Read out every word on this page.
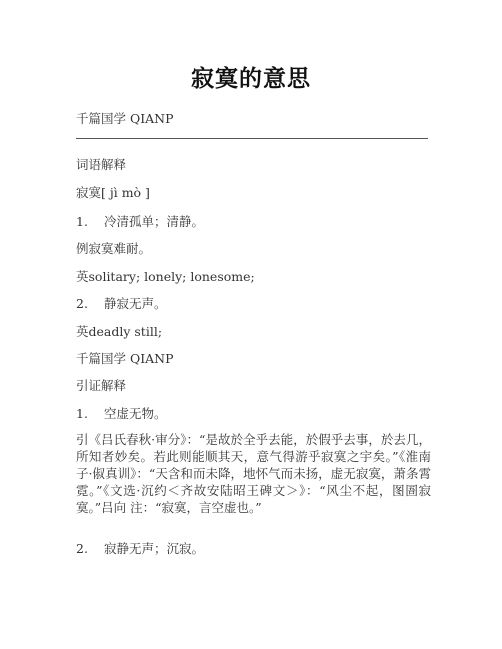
寂寞的意思
千篇国学 QIANP
词语解释
寂寞[ jì mò ]
1. 冷清孤单；清静。
例寂寞难耐。
英solitary; lonely; lonesome;
2. 静寂无声。
英deadly still;
千篇国学 QIANP
引证解释
1. 空虚无物。
引《吕氏春秋·审分》：“是故於全乎去能，於假乎去事，於去几，所知者妙矣。若此则能顺其天，意气得游乎寂寞之宇矣。”《淮南子·俶真训》：“天含和而未降，地怀气而未扬，虚无寂寞，萧条霄霓。”《文选·沉约＜齐故安陆昭王碑文＞》：“风尘不起，图圄寂寞。”吕向 注：“寂寞，言空虚也。”
2. 寂静无声；沉寂。
